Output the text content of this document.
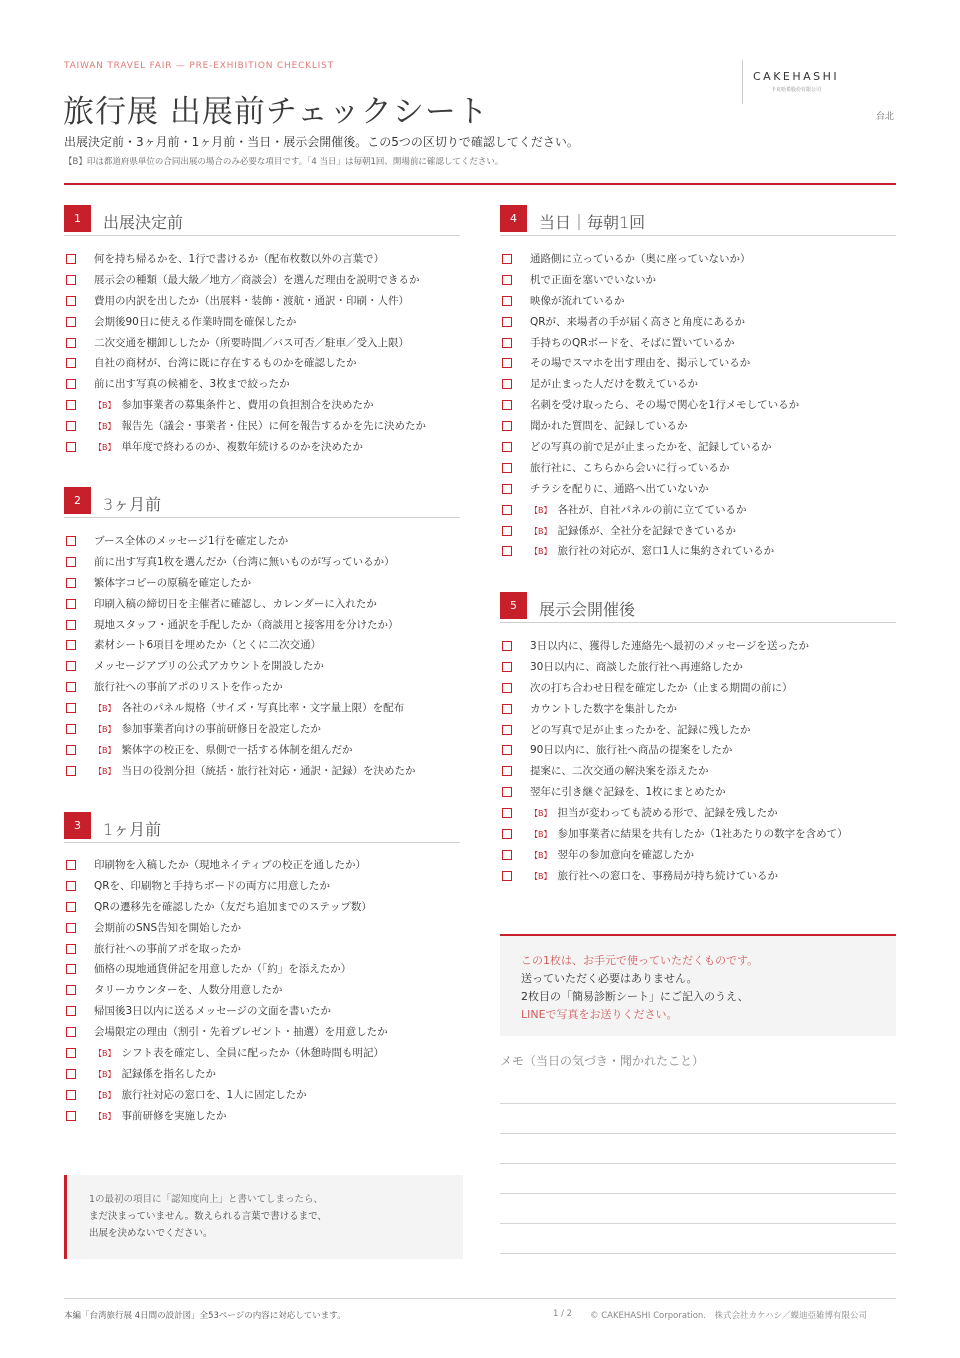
TAIWAN TRAVEL FAIR — PRE-EXHIBITION CHECKLIST
旅行展 出展前チェックシート
出展決定前・3ヶ月前・1ヶ月前・当日・展示会開催後。この5つの区切りで確認してください。
【B】印は都道府県単位の合同出展の場合のみ必要な項目です。「4 当日」は毎朝1回、開場前に確認してください。
CAKEHASHI
卡克哈希股份有限公司
台北
1	出展決定前
何を持ち帰るかを、1行で書けるか（配布枚数以外の言葉で）
展示会の種類（最大級／地方／商談会）を選んだ理由を説明できるか
費用の内訳を出したか（出展料・装飾・渡航・通訳・印刷・人件）
会期後90日に使える作業時間を確保したか
二次交通を棚卸ししたか（所要時間／バス可否／駐車／受入上限）
自社の商材が、台湾に既に存在するものかを確認したか
前に出す写真の候補を、3枚まで絞ったか
【B】 参加事業者の募集条件と、費用の負担割合を決めたか
【B】 報告先（議会・事業者・住民）に何を報告するかを先に決めたか
【B】 単年度で終わるのか、複数年続けるのかを決めたか
2	3ヶ月前
ブース全体のメッセージ1行を確定したか
前に出す写真1枚を選んだか（台湾に無いものが写っているか）
繁体字コピーの原稿を確定したか
印刷入稿の締切日を主催者に確認し、カレンダーに入れたか
現地スタッフ・通訳を手配したか（商談用と接客用を分けたか）
素材シート6項目を埋めたか（とくに二次交通）
メッセージアプリの公式アカウントを開設したか
旅行社への事前アポのリストを作ったか
【B】 各社のパネル規格（サイズ・写真比率・文字量上限）を配布
【B】 参加事業者向けの事前研修日を設定したか
【B】 繁体字の校正を、県側で一括する体制を組んだか
【B】 当日の役割分担（統括・旅行社対応・通訳・記録）を決めたか
3	1ヶ月前
印刷物を入稿したか（現地ネイティブの校正を通したか）
QRを、印刷物と手持ちボードの両方に用意したか
QRの遷移先を確認したか（友だち追加までのステップ数）
会期前のSNS告知を開始したか
旅行社への事前アポを取ったか
価格の現地通貨併記を用意したか（「約」を添えたか）
タリーカウンターを、人数分用意したか
帰国後3日以内に送るメッセージの文面を書いたか
会場限定の理由（割引・先着プレゼント・抽選）を用意したか
【B】 シフト表を確定し、全員に配ったか（休憩時間も明記）
【B】 記録係を指名したか
【B】 旅行社対応の窓口を、1人に固定したか
【B】 事前研修を実施したか
4	当日｜毎朝1回
通路側に立っているか（奥に座っていないか）
机で正面を塞いでいないか
映像が流れているか
QRが、来場者の手が届く高さと角度にあるか
手持ちのQRボードを、そばに置いているか
その場でスマホを出す理由を、掲示しているか
足が止まった人だけを数えているか
名刺を受け取ったら、その場で関心を1行メモしているか
聞かれた質問を、記録しているか
どの写真の前で足が止まったかを、記録しているか
旅行社に、こちらから会いに行っているか
チラシを配りに、通路へ出ていないか
【B】 各社が、自社パネルの前に立てているか
【B】 記録係が、全社分を記録できているか
【B】 旅行社の対応が、窓口1人に集約されているか
5	展示会開催後
3日以内に、獲得した連絡先へ最初のメッセージを送ったか
30日以内に、商談した旅行社へ再連絡したか
次の打ち合わせ日程を確定したか（止まる期間の前に）
カウントした数字を集計したか
どの写真で足が止まったかを、記録に残したか
90日以内に、旅行社へ商品の提案をしたか
提案に、二次交通の解決案を添えたか
翌年に引き継ぐ記録を、1枚にまとめたか
【B】 担当が変わっても読める形で、記録を残したか
【B】 参加事業者に結果を共有したか（1社あたりの数字を含めて）
【B】 翌年の参加意向を確認したか
【B】 旅行社への窓口を、事務局が持ち続けているか
1の最初の項目に「認知度向上」と書いてしまったら、
まだ決まっていません。数えられる言葉で書けるまで、
出展を決めないでください。
この1枚は、お手元で使っていただくものです。
送っていただく必要はありません。
2枚目の「簡易診断シート」にご記入のうえ、
LINEで写真をお送りください。
メモ（当日の気づき・聞かれたこと）
本編「台湾旅行展 4日間の設計図」全53ページの内容に対応しています。	1 / 2 © CAKEHASHI Corporation.　株式会社カケハシ／蝶迪亞雑博有限公司
